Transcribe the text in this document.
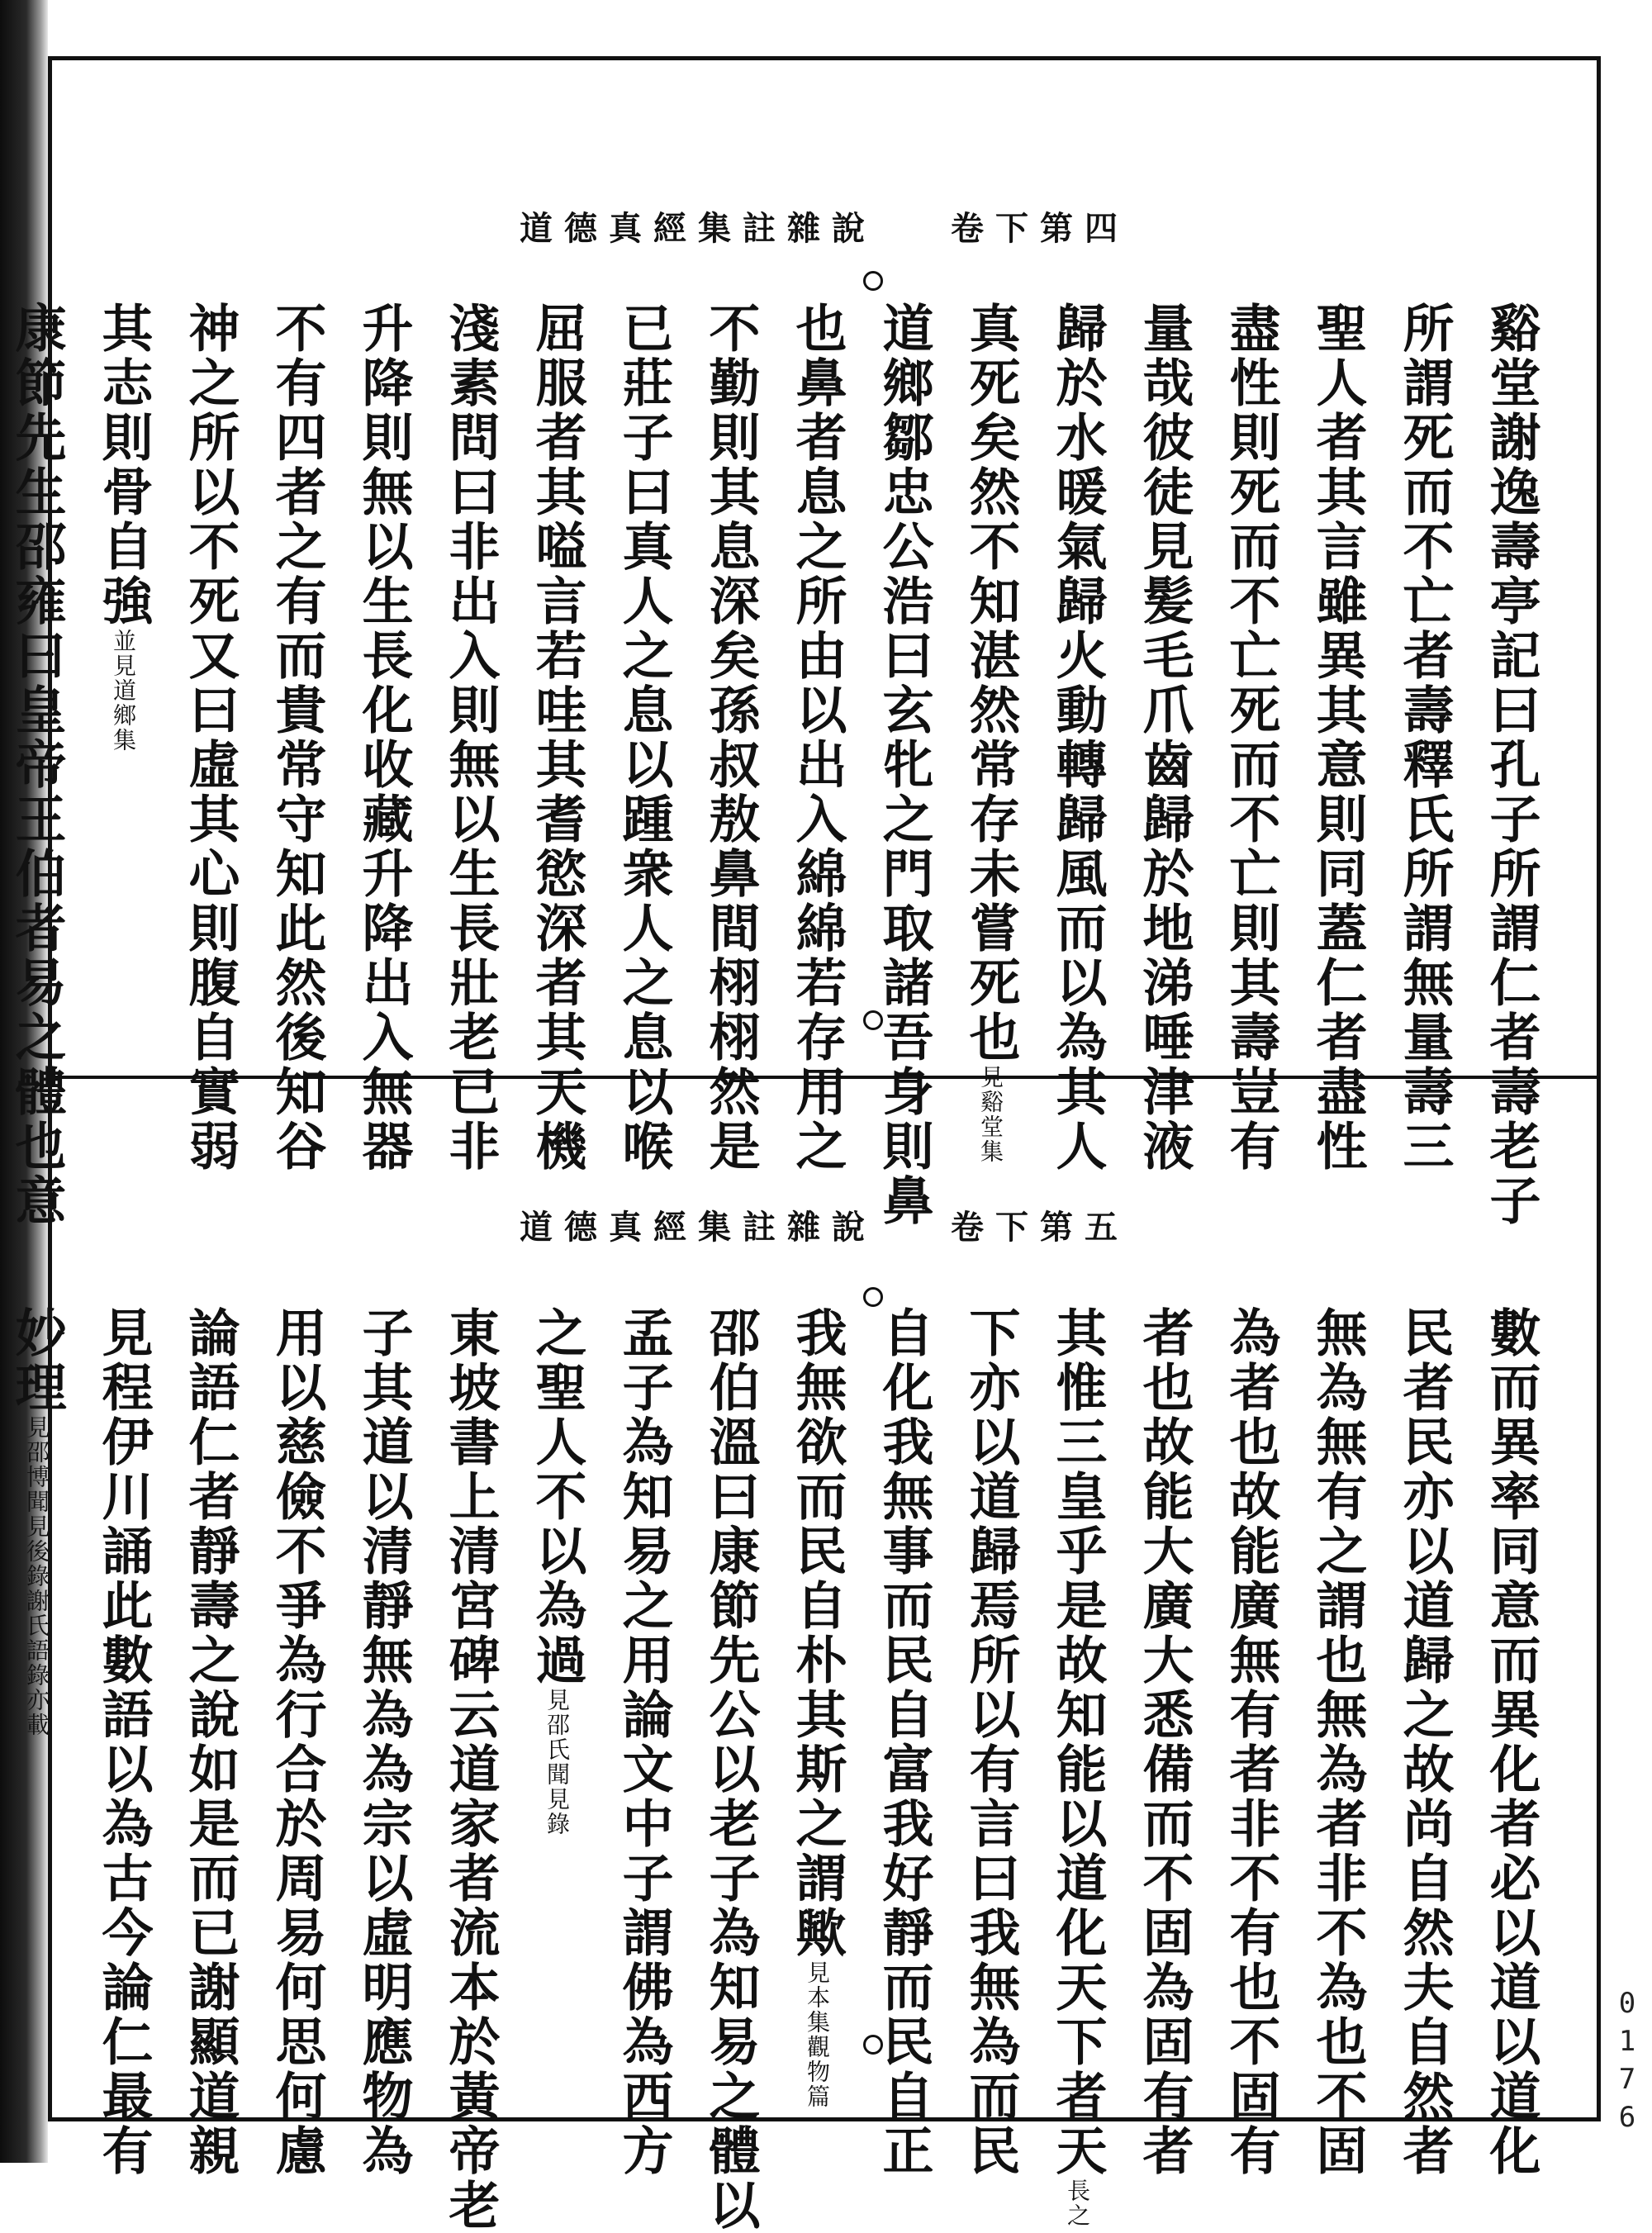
道德真經集註雜說 卷下第四
谿堂謝逸壽亭記曰孔子所謂仁者壽老子
所謂死而不亡者壽釋氏所謂無量壽三
聖人者其言雖異其意則同蓋仁者盡性
盡性則死而不亡死而不亡則其壽豈有
量哉彼徒見髪毛爪齒歸於地涕唾津液
歸於水暖氣歸火動轉歸風而以為其人
真死矣然不知湛然常存未嘗死也見谿堂集
道鄉鄒忠公浩曰玄牝之門取諸吾身則鼻
也鼻者息之所由以出入綿綿若存用之
不勤則其息深矣孫叔敖鼻間栩栩然是
已莊子曰真人之息以踵衆人之息以喉
屈服者其嗌言若哇其耆慾深者其天機
淺素問曰非出入則無以生長壯老已非
升降則無以生長化收藏升降出入無器
不有四者之有而貴常守知此然後知谷
神之所以不死又曰虛其心則腹自實弱
其志則骨自強並見道鄉集
康節先生邵雍曰皇帝王伯者易之體也意	道德真經集註雜說 卷下第五
數而異率同意而異化者必以道以道化
民者民亦以道歸之故尚自然夫自然者
無為無有之謂也無為者非不為也不固
為者也故能廣無有者非不有也不固有
者也故能大廣大悉備而不固為固有者
其惟三皇乎是故知能以道化天下者天長之
下亦以道歸焉所以有言曰我無為而民
自化我無事而民自富我好靜而民自正
我無欲而民自朴其斯之謂歟見本集觀物篇
邵伯溫曰康節先公以老子為知易之體以
孟子為知易之用論文中子謂佛為西方
之聖人不以為過見邵氏聞見錄
東坡書上清宮碑云道家者流本於黃帝老
子其道以清靜無為為宗以虛明應物為
用以慈儉不爭為行合於周易何思何慮
論語仁者靜壽之說如是而已謝顯道親
見程伊川誦此數語以為古今論仁最有
妙理見邵博聞見後錄謝氏語錄亦載
0176
